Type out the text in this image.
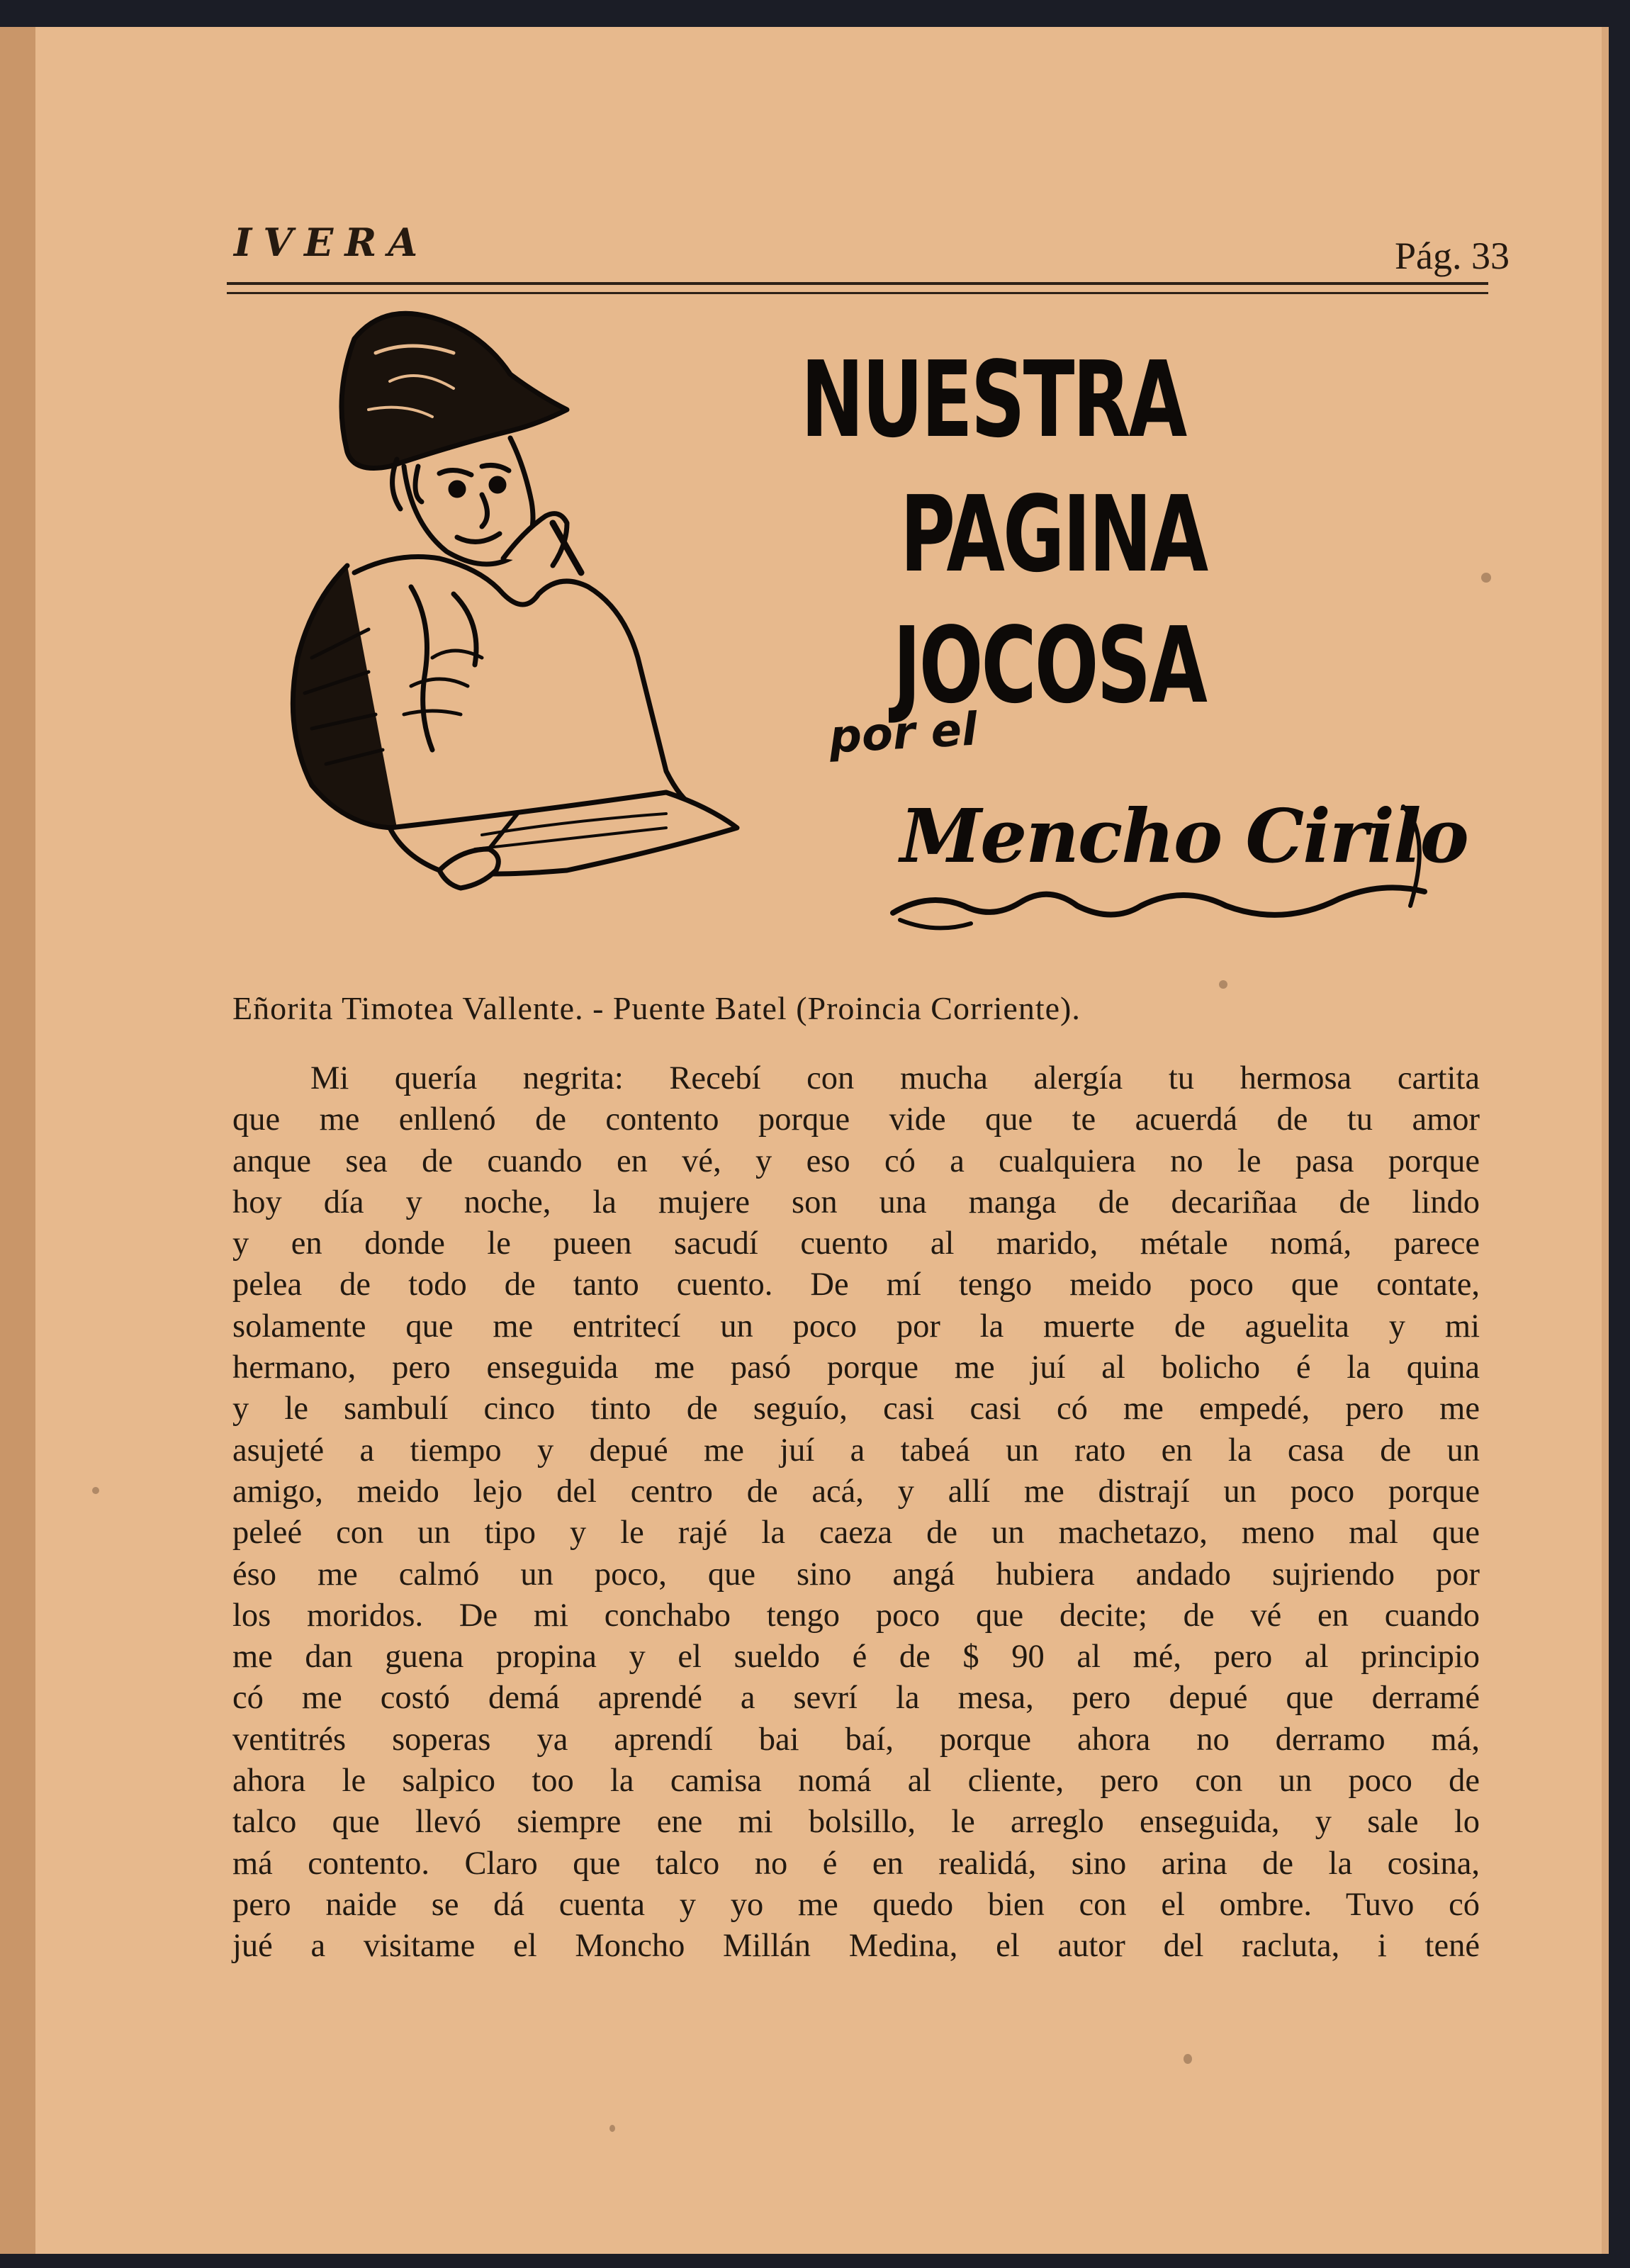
IVERA	Pág. 33
NUESTRA
PAGINA
JOCOSA
por el
Mencho Cirilo
Eñorita Timotea Vallente. - Puente Batel (Proincia Corriente).
Mi quería negrita: Recebí con mucha alergía tu hermosa cartita
que me enllenó de contento porque vide que te acuerdá de tu amor
anque sea de cuando en vé, y eso có a cualquiera no le pasa porque
hoy día y noche, la mujere son una manga de decariñaa de lindo
y en donde le pueen sacudí cuento al marido, métale nomá, parece
pelea de todo de tanto cuento. De mí tengo meido poco que contate,
solamente que me entritecí un poco por la muerte de aguelita y mi
hermano, pero enseguida me pasó porque me juí al bolicho é la quina
y le sambulí cinco tinto de seguío, casi casi có me empedé, pero me
asujeté a tiempo y depué me juí a tabeá un rato en la casa de un
amigo, meido lejo del centro de acá, y allí me distrají un poco porque
peleé con un tipo y le rajé la caeza de un machetazo, meno mal que
éso me calmó un poco, que sino angá hubiera andado sujriendo por
los moridos. De mi conchabo tengo poco que decite; de vé en cuando
me dan guena propina y el sueldo é de $ 90 al mé, pero al principio
có me costó demá aprendé a sevrí la mesa, pero depué que derramé
ventitrés soperas ya aprendí bai baí, porque ahora no derramo má,
ahora le salpico too la camisa nomá al cliente, pero con un poco de
talco que llevó siempre ene mi bolsillo, le arreglo enseguida, y sale lo
má contento. Claro que talco no é en realidá, sino arina de la cosina,
pero naide se dá cuenta y yo me quedo bien con el ombre. Tuvo có
jué a visitame el Moncho Millán Medina, el autor del racluta, i tené
